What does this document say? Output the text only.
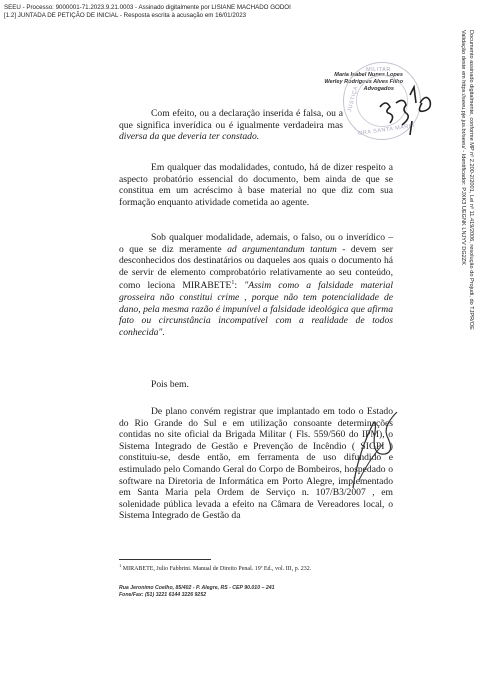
SEEU - Processo: 9000001-71.2023.9.21.0003 - Assinado digitalmente por LISIANE MACHADO GODOI
[1.2] JUNTADA DE PETIÇÃO DE INICIAL - Resposta escrita à acusação em 16/01/2023
Documento assinado digitalmente, conforme MP nº 2.200-2/2001, Lei nº 11.419/2006, resolução do Projudi, do TJPR/OE
Validação deste em https://seeu.pje.jus.br/seeu/ - Identificador: PJXK3 UEGNK LNJYV DG2ZK
Maria Isabel Nunes Lopes
Werley Rodrigues Alves Filho
Advogados
MILITAR
JUSTIÇA
ORA SANTA MARIA
Com efeito, ou a declaração inserida é falsa, ou a que significa inverídica ou é igualmente verdadeira mas diversa da que deveria ter constado.
Em qualquer das modalidades, contudo, há de dizer respeito a aspecto probatório essencial do documento, bem ainda de que se constitua em um acréscimo à base material no que diz com sua formação enquanto atividade cometida ao agente.
Sob qualquer modalidade, ademais, o falso, ou o inverídico – o que se diz meramente ad argumentandum tantum - devem ser desconhecidos dos destinatários ou daqueles aos quais o documento há de servir de elemento comprobatório relativamente ao seu conteúdo, como leciona MIRABETE$^1$: "Assim como a falsidade material grosseira não constitui crime , porque não tem potencialidade de dano, pela mesma razão é impunível a falsidade ideológica que afirma fato ou circunstância incompatível com a realidade de todos conhecida".
Pois bem.
De plano convém registrar que implantado em todo o Estado do Rio Grande do Sul e em utilização consoante determinações contidas no site oficial da Brigada Militar ( Fls. 559/560 do IPM), o Sistema Integrado de Gestão e Prevenção de Incêndio ( SIGPI ) constituiu-se, desde então, em ferramenta de uso difundido e estimulado pelo Comando Geral do Corpo de Bombeiros, hospedado o software na Diretoria de Informática em Porto Alegre, implementado em Santa Maria pela Ordem de Serviço n. 107/B3/2007 , em solenidade pública levada a efeito na Câmara de Vereadores local, o Sistema Integrado de Gestão da
$^1$ MIRABETE, Julio Fabbrini. Manual de Direito Penal. 19ª Ed., vol. III, p. 232.
Rua Jeronimo Coelho, 85/402 - P. Alegre, RS - CEP 90.010 – 241
Fone/Fax: (51) 3221 6144 3226 9252
